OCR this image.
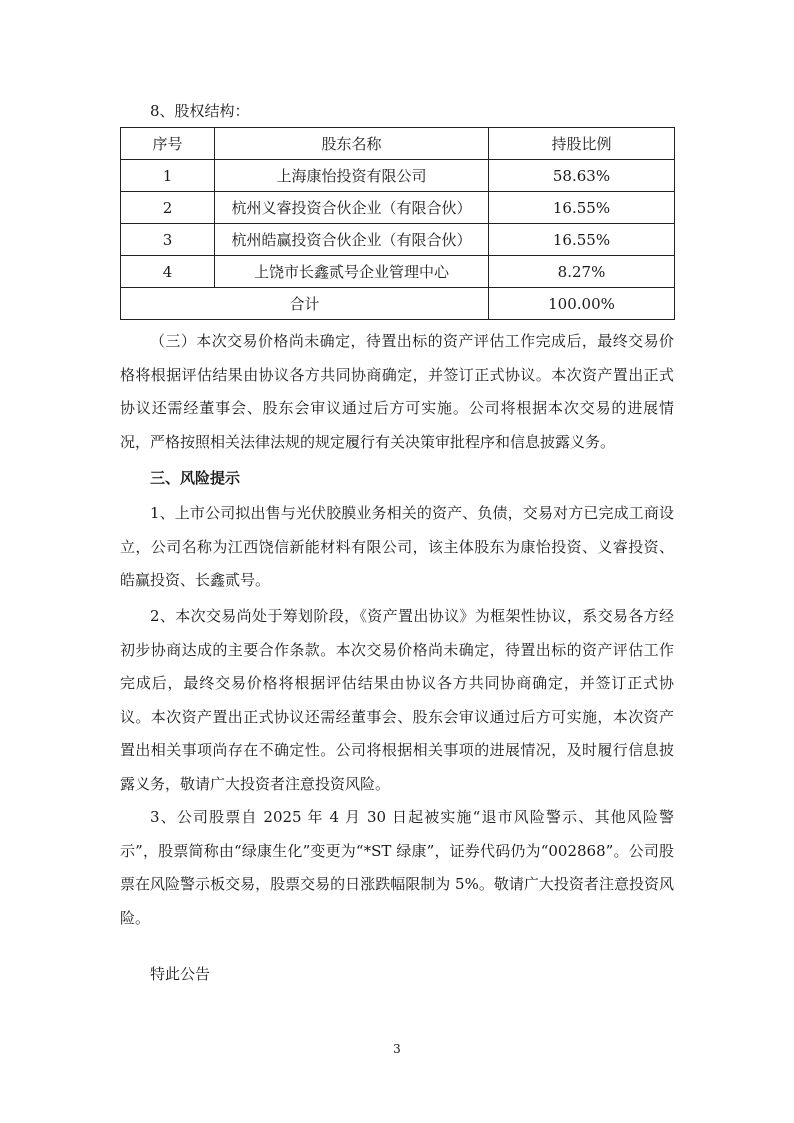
8、股权结构：
序号	股东名称	持股比例
1	上海康怡投资有限公司	58.63%
2	杭州义睿投资合伙企业（有限合伙）	16.55%
3	杭州皓赢投资合伙企业（有限合伙）	16.55%
4	上饶市长鑫贰号企业管理中心	8.27%
合计		100.00%

（三）本次交易价格尚未确定，待置出标的资产评估工作完成后，最终交易价格将根据评估结果由协议各方共同协商确定，并签订正式协议。本次资产置出正式协议还需经董事会、股东会审议通过后方可实施。公司将根据本次交易的进展情况，严格按照相关法律法规的规定履行有关决策审批程序和信息披露义务。

三、风险提示

1、上市公司拟出售与光伏胶膜业务相关的资产、负债，交易对方已完成工商设立，公司名称为江西饶信新能材料有限公司，该主体股东为康怡投资、义睿投资、皓赢投资、长鑫贰号。

2、本次交易尚处于筹划阶段，《资产置出协议》为框架性协议，系交易各方经初步协商达成的主要合作条款。本次交易价格尚未确定，待置出标的资产评估工作完成后，最终交易价格将根据评估结果由协议各方共同协商确定，并签订正式协议。本次资产置出正式协议还需经董事会、股东会审议通过后方可实施，本次资产置出相关事项尚存在不确定性。公司将根据相关事项的进展情况，及时履行信息披露义务，敬请广大投资者注意投资风险。

3、公司股票自 2025 年 4 月 30 日起被实施“退市风险警示、其他风险警示”，股票简称由“绿康生化”变更为“*ST 绿康”，证券代码仍为“002868”。公司股票在风险警示板交易，股票交易的日涨跌幅限制为 5%。敬请广大投资者注意投资风险。

特此公告
3
